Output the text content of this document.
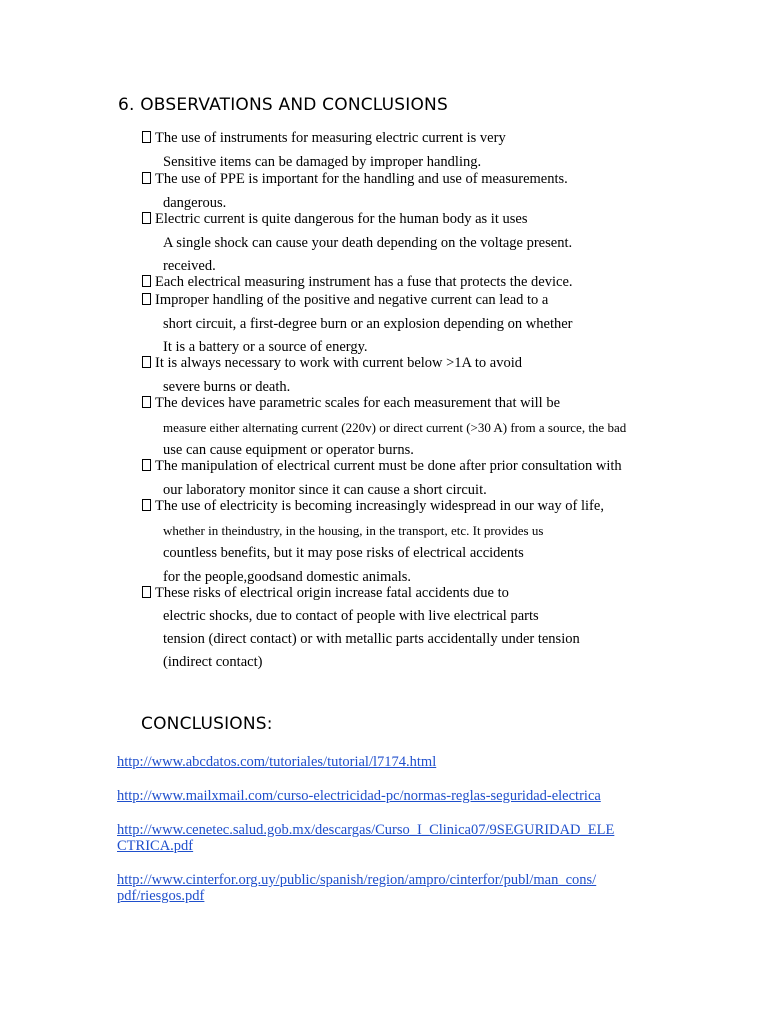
6. OBSERVATIONS AND CONCLUSIONS
The use of instruments for measuring electric current is very
Sensitive items can be damaged by improper handling.
The use of PPE is important for the handling and use of measurements.
dangerous.
Electric current is quite dangerous for the human body as it uses
A single shock can cause your death depending on the voltage present.
received.
Each electrical measuring instrument has a fuse that protects the device.
Improper handling of the positive and negative current can lead to a
short circuit, a first-degree burn or an explosion depending on whether
It is a battery or a source of energy.
It is always necessary to work with current below >1A to avoid
severe burns or death.
The devices have parametric scales for each measurement that will be
measure either alternating current (220v) or direct current (>30 A) from a source, the bad
use can cause equipment or operator burns.
The manipulation of electrical current must be done after prior consultation with
our laboratory monitor since it can cause a short circuit.
The use of electricity is becoming increasingly widespread in our way of life,
whether in theindustry, in the housing, in the transport, etc. It provides us
countless benefits, but it may pose risks of electrical accidents
for the people,goodsand domestic animals.
These risks of electrical origin increase fatal accidents due to
electric shocks, due to contact of people with live electrical parts
tension (direct contact) or with metallic parts accidentally under tension
(indirect contact)
CONCLUSIONS:
http://www.abcdatos.com/tutoriales/tutorial/l7174.html
http://www.mailxmail.com/curso-electricidad-pc/normas-reglas-seguridad-electrica
http://www.cenetec.salud.gob.mx/descargas/Curso_I_Clinica07/9SEGURIDAD_ELE
CTRICA.pdf
http://www.cinterfor.org.uy/public/spanish/region/ampro/cinterfor/publ/man_cons/
pdf/riesgos.pdf
